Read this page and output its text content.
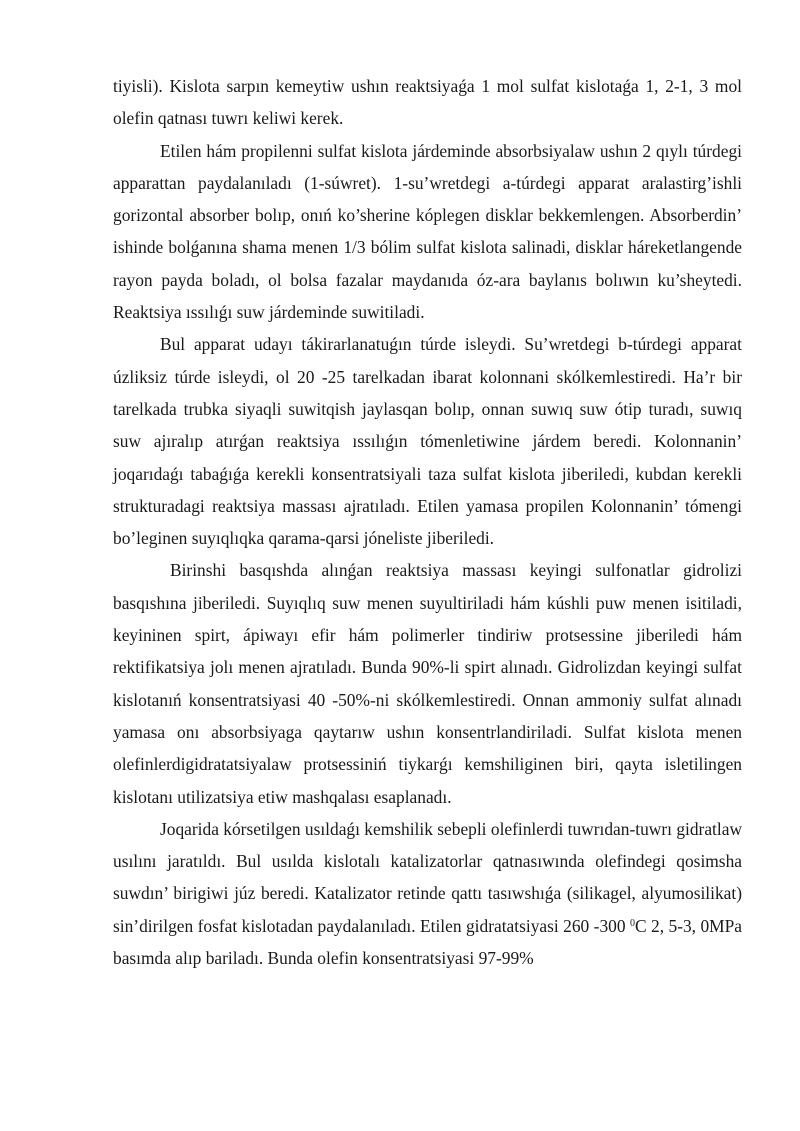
tiyisli). Kislota sarpın kemeytiw ushın reaktsiyaǵa 1 mol sulfat kislotaǵa 1, 2-1, 3 mol olefin qatnası tuwrı keliwi kerek.

Etilen hám propilenni sulfat kislota járdeminde absorbsiyalaw ushın 2 qıylı túrdegi apparattan paydalanıladı (1-súwret). 1-su’wretdegi a-túrdegi apparat aralastirg’ishli gorizontal absorber bolıp, onıń ko’sherine kóplegen disklar bekkemlengen. Absorberdin’ ishinde bolǵanına shama menen 1/3 bólim sulfat kislota salinadi, disklar háreketlangende rayon payda boladı, ol bolsa fazalar maydanıda óz-ara baylanıs bolıwın ku’sheytedi. Reaktsiya ıssılıǵı suw járdeminde suwitiladi.

Bul apparat udayı tákirarlanatuǵın túrde isleydi. Su’wretdegi b-túrdegi apparat úzliksiz túrde isleydi, ol 20 -25 tarelkadan ibarat kolonnani skólkemlestiredi. Ha’r bir tarelkada trubka siyaqli suwitqish jaylasqan bolıp, onnan suwıq suw ótip turadı, suwıq suw ajıralıp atırǵan reaktsiya ıssılıǵın tómenletiwine járdem beredi. Kolonnanin’ joqarıdaǵı tabaǵıǵa kerekli konsentratsiyali taza sulfat kislota jiberiledi, kubdan kerekli strukturadagi reaktsiya massası ajratıladı. Etilen yamasa propilen Kolonnanin’ tómengi bo’leginen suyıqlıqka qarama-qarsi jóneliste jiberiledi.

Birinshi basqıshda alınǵan reaktsiya massası keyingi sulfonatlar gidrolizi basqıshına jiberiledi. Suyıqlıq suw menen suyultiriladi hám kúshli puw menen isitiladi, keyininen spirt, ápiwayı efir hám polimerler tindiriw protsessine jiberiledi hám rektifikatsiya jolı menen ajratıladı. Bunda 90%-li spirt alınadı. Gidrolizdan keyingi sulfat kislotanıń konsentratsiyasi 40 -50%-ni skólkemlestiredi. Onnan ammoniy sulfat alınadı yamasa onı absorbsiyaga qaytarıw ushın konsentrlandiriladi. Sulfat kislota menen olefinlerdigidratatsiyalaw protsessiniń tiykarǵı kemshiliginen biri, qayta isletilingen kislotanı utilizatsiya etiw mashqalası esaplanadı.

Joqarida kórsetilgen usıldaǵı kemshilik sebepli olefinlerdi tuwrıdan-tuwrı gidratlaw usılını jaratıldı. Bul usılda kislotalı katalizatorlar qatnasıwında olefindegi qosimsha suwdın’ birigiwi júz beredi. Katalizator retinde qattı tasıwshıǵa (silikagel, alyumosilikat) sin’dirilgen fosfat kislotadan paydalanıladı. Etilen gidratatsiyasi 260 -300 $^0$C 2, 5-3, 0MPa basımda alıp bariladı. Bunda olefin konsentratsiyasi 97-99%
